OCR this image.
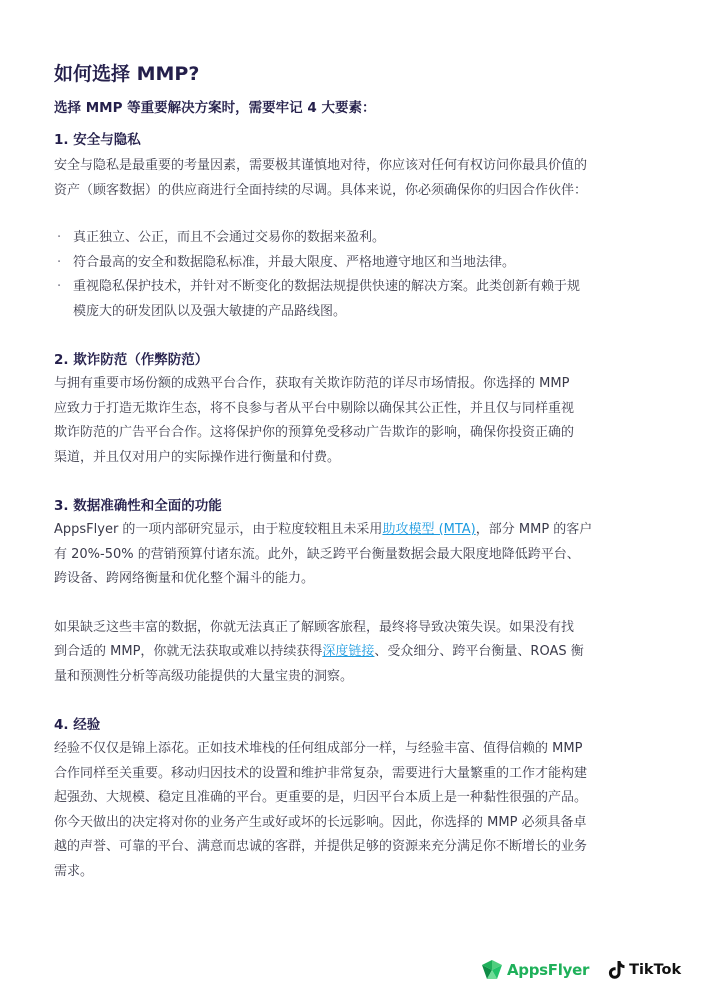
如何选择 MMP?
选择 MMP 等重要解决方案时，需要牢记 4 大要素：
1. 安全与隐私

安全与隐私是最重要的考量因素，需要极其谨慎地对待，你应该对任何有权访问你最具价值的

资产（顾客数据）的供应商进行全面持续的尽调。具体来说，你必须确保你的归因合作伙伴：

· 真正独立、公正，而且不会通过交易你的数据来盈利。
· 符合最高的安全和数据隐私标准，并最大限度、严格地遵守地区和当地法律。
· 重视隐私保护技术，并针对不断变化的数据法规提供快速的解决方案。此类创新有赖于规
模庞大的研发团队以及强大敏捷的产品路线图。
2. 欺诈防范（作弊防范）

与拥有重要市场份额的成熟平台合作，获取有关欺诈防范的详尽市场情报。你选择的 MMP

应致力于打造无欺诈生态，将不良参与者从平台中剔除以确保其公正性，并且仅与同样重视

欺诈防范的广告平台合作。这将保护你的预算免受移动广告欺诈的影响，确保你投资正确的

渠道，并且仅对用户的实际操作进行衡量和付费。

3. 数据准确性和全面的功能

AppsFlyer 的一项内部研究显示，由于粒度较粗且未采用助攻模型 (MTA)，部分 MMP 的客户

有 20%-50% 的营销预算付诸东流。此外，缺乏跨平台衡量数据会最大限度地降低跨平台、

跨设备、跨网络衡量和优化整个漏斗的能力。

如果缺乏这些丰富的数据，你就无法真正了解顾客旅程，最终将导致决策失误。如果没有找

到合适的 MMP，你就无法获取或难以持续获得深度链接、受众细分、跨平台衡量、ROAS 衡

量和预测性分析等高级功能提供的大量宝贵的洞察。

4. 经验

经验不仅仅是锦上添花。正如技术堆栈的任何组成部分一样，与经验丰富、值得信赖的 MMP

合作同样至关重要。移动归因技术的设置和维护非常复杂，需要进行大量繁重的工作才能构建

起强劲、大规模、稳定且准确的平台。更重要的是，归因平台本质上是一种黏性很强的产品。

你今天做出的决定将对你的业务产生或好或坏的长远影响。因此，你选择的 MMP 必须具备卓

越的声誉、可靠的平台、满意而忠诚的客群，并提供足够的资源来充分满足你不断增长的业务

需求。

AppsFlyer	TikTok
